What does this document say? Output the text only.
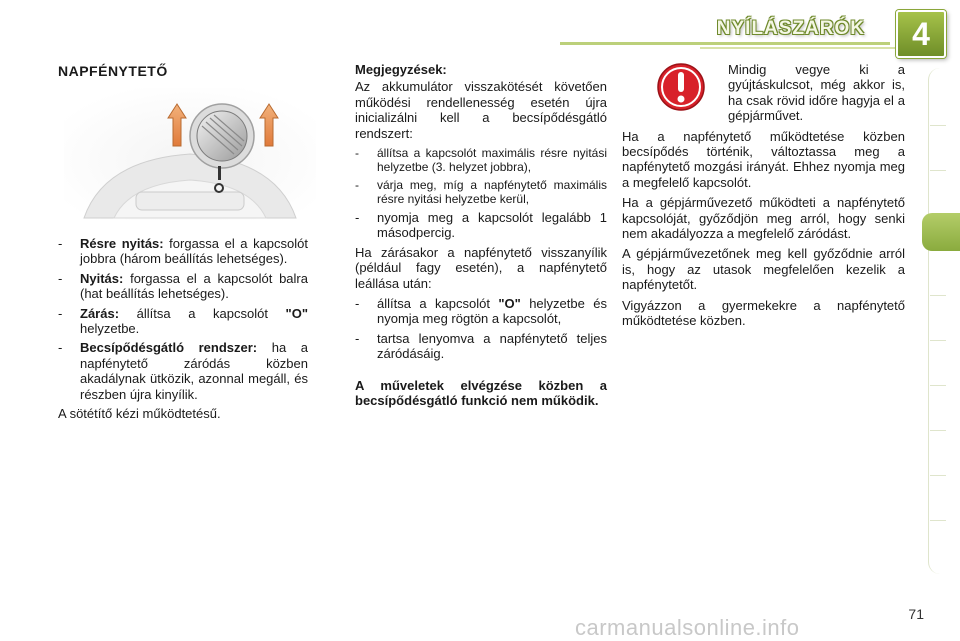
NYÍLÁSZÁRÓK	4
NAPFÉNYTETŐ
-	Résre nyitás: forgassa el a kapcsolót jobbra (három beállítás lehetséges).
-	Nyitás: forgassa el a kapcsolót balra (hat beállítás lehetséges).
-	Zárás: állítsa a kapcsolót "O" helyzetbe.
-	Becsípődésgátló rendszer: ha a napfénytető záródás közben akadálynak ütközik, azonnal megáll, és részben újra kinyílik.

A sötétítő kézi működtetésű.

Megjegyzések:

Az akkumulátor visszakötését követően működési rendellenesség esetén újra inicializálni kell a becsípődésgátló rendszert:

-	állítsa a kapcsolót maximális résre nyitási helyzetbe (3. helyzet jobbra),
-	várja meg, míg a napfénytető maximális résre nyitási helyzetbe kerül,
-	nyomja meg a kapcsolót legalább 1 másodpercig.

Ha zárásakor a napfénytető visszanyílik (például fagy esetén), a napfénytető leállása után:

-	állítsa a kapcsolót "O" helyzetbe és nyomja meg rögtön a kapcsolót,
-	tartsa lenyomva a napfénytető teljes záródásáig.

A műveletek elvégzése közben a becsípődésgátló funkció nem működik.

Mindig vegye ki a gyújtáskulcsot, még akkor is, ha csak rövid időre hagyja el a gépjárművet.

Ha a napfénytető működtetése közben becsípődés történik, változtassa meg a napfénytető mozgási irányát. Ehhez nyomja meg a megfelelő kapcsolót.

Ha a gépjárművezető működteti a napfénytető kapcsolóját, győződjön meg arról, hogy senki nem akadályozza a megfelelő záródást.

A gépjárművezetőnek meg kell győződnie arról is, hogy az utasok megfelelően kezelik a napfénytetőt.

Vigyázzon a gyermekekre a napfénytető működtetése közben.

71
carmanualsonline.info
